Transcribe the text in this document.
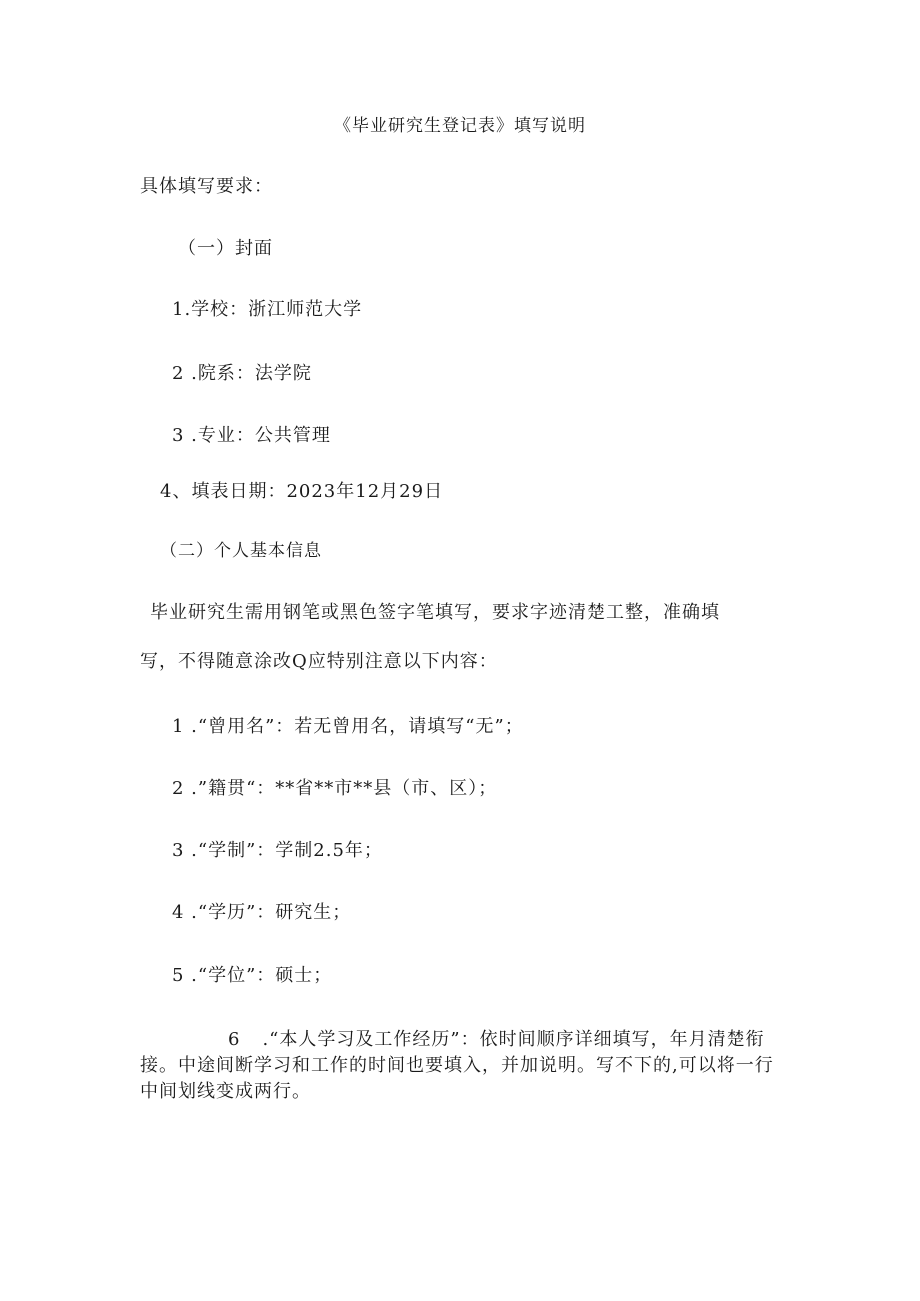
《毕业研究生登记表》填写说明
具体填写要求：
（一）封面
1.学校：浙江师范大学
2 .院系：法学院
3 .专业：公共管理
4、填表日期：2023年12月29日
（二）个人基本信息
毕业研究生需用钢笔或黑色签字笔填写，要求字迹清楚工整，准确填
写，不得随意涂改Q应特别注意以下内容：
1 .“曾用名”：若无曾用名，请填写“无”；
2 .”籍贯“：**省**市**县（市、区）；
3 .“学制”：学制2.5年；
4 .“学历”：研究生；
5 .“学位”：硕士；
6 .“本人学习及工作经历”：依时间顺序详细填写，年月清楚衔接。中途间断学习和工作的时间也要填入，并加说明。写不下的,可以将一行中间划线变成两行。
